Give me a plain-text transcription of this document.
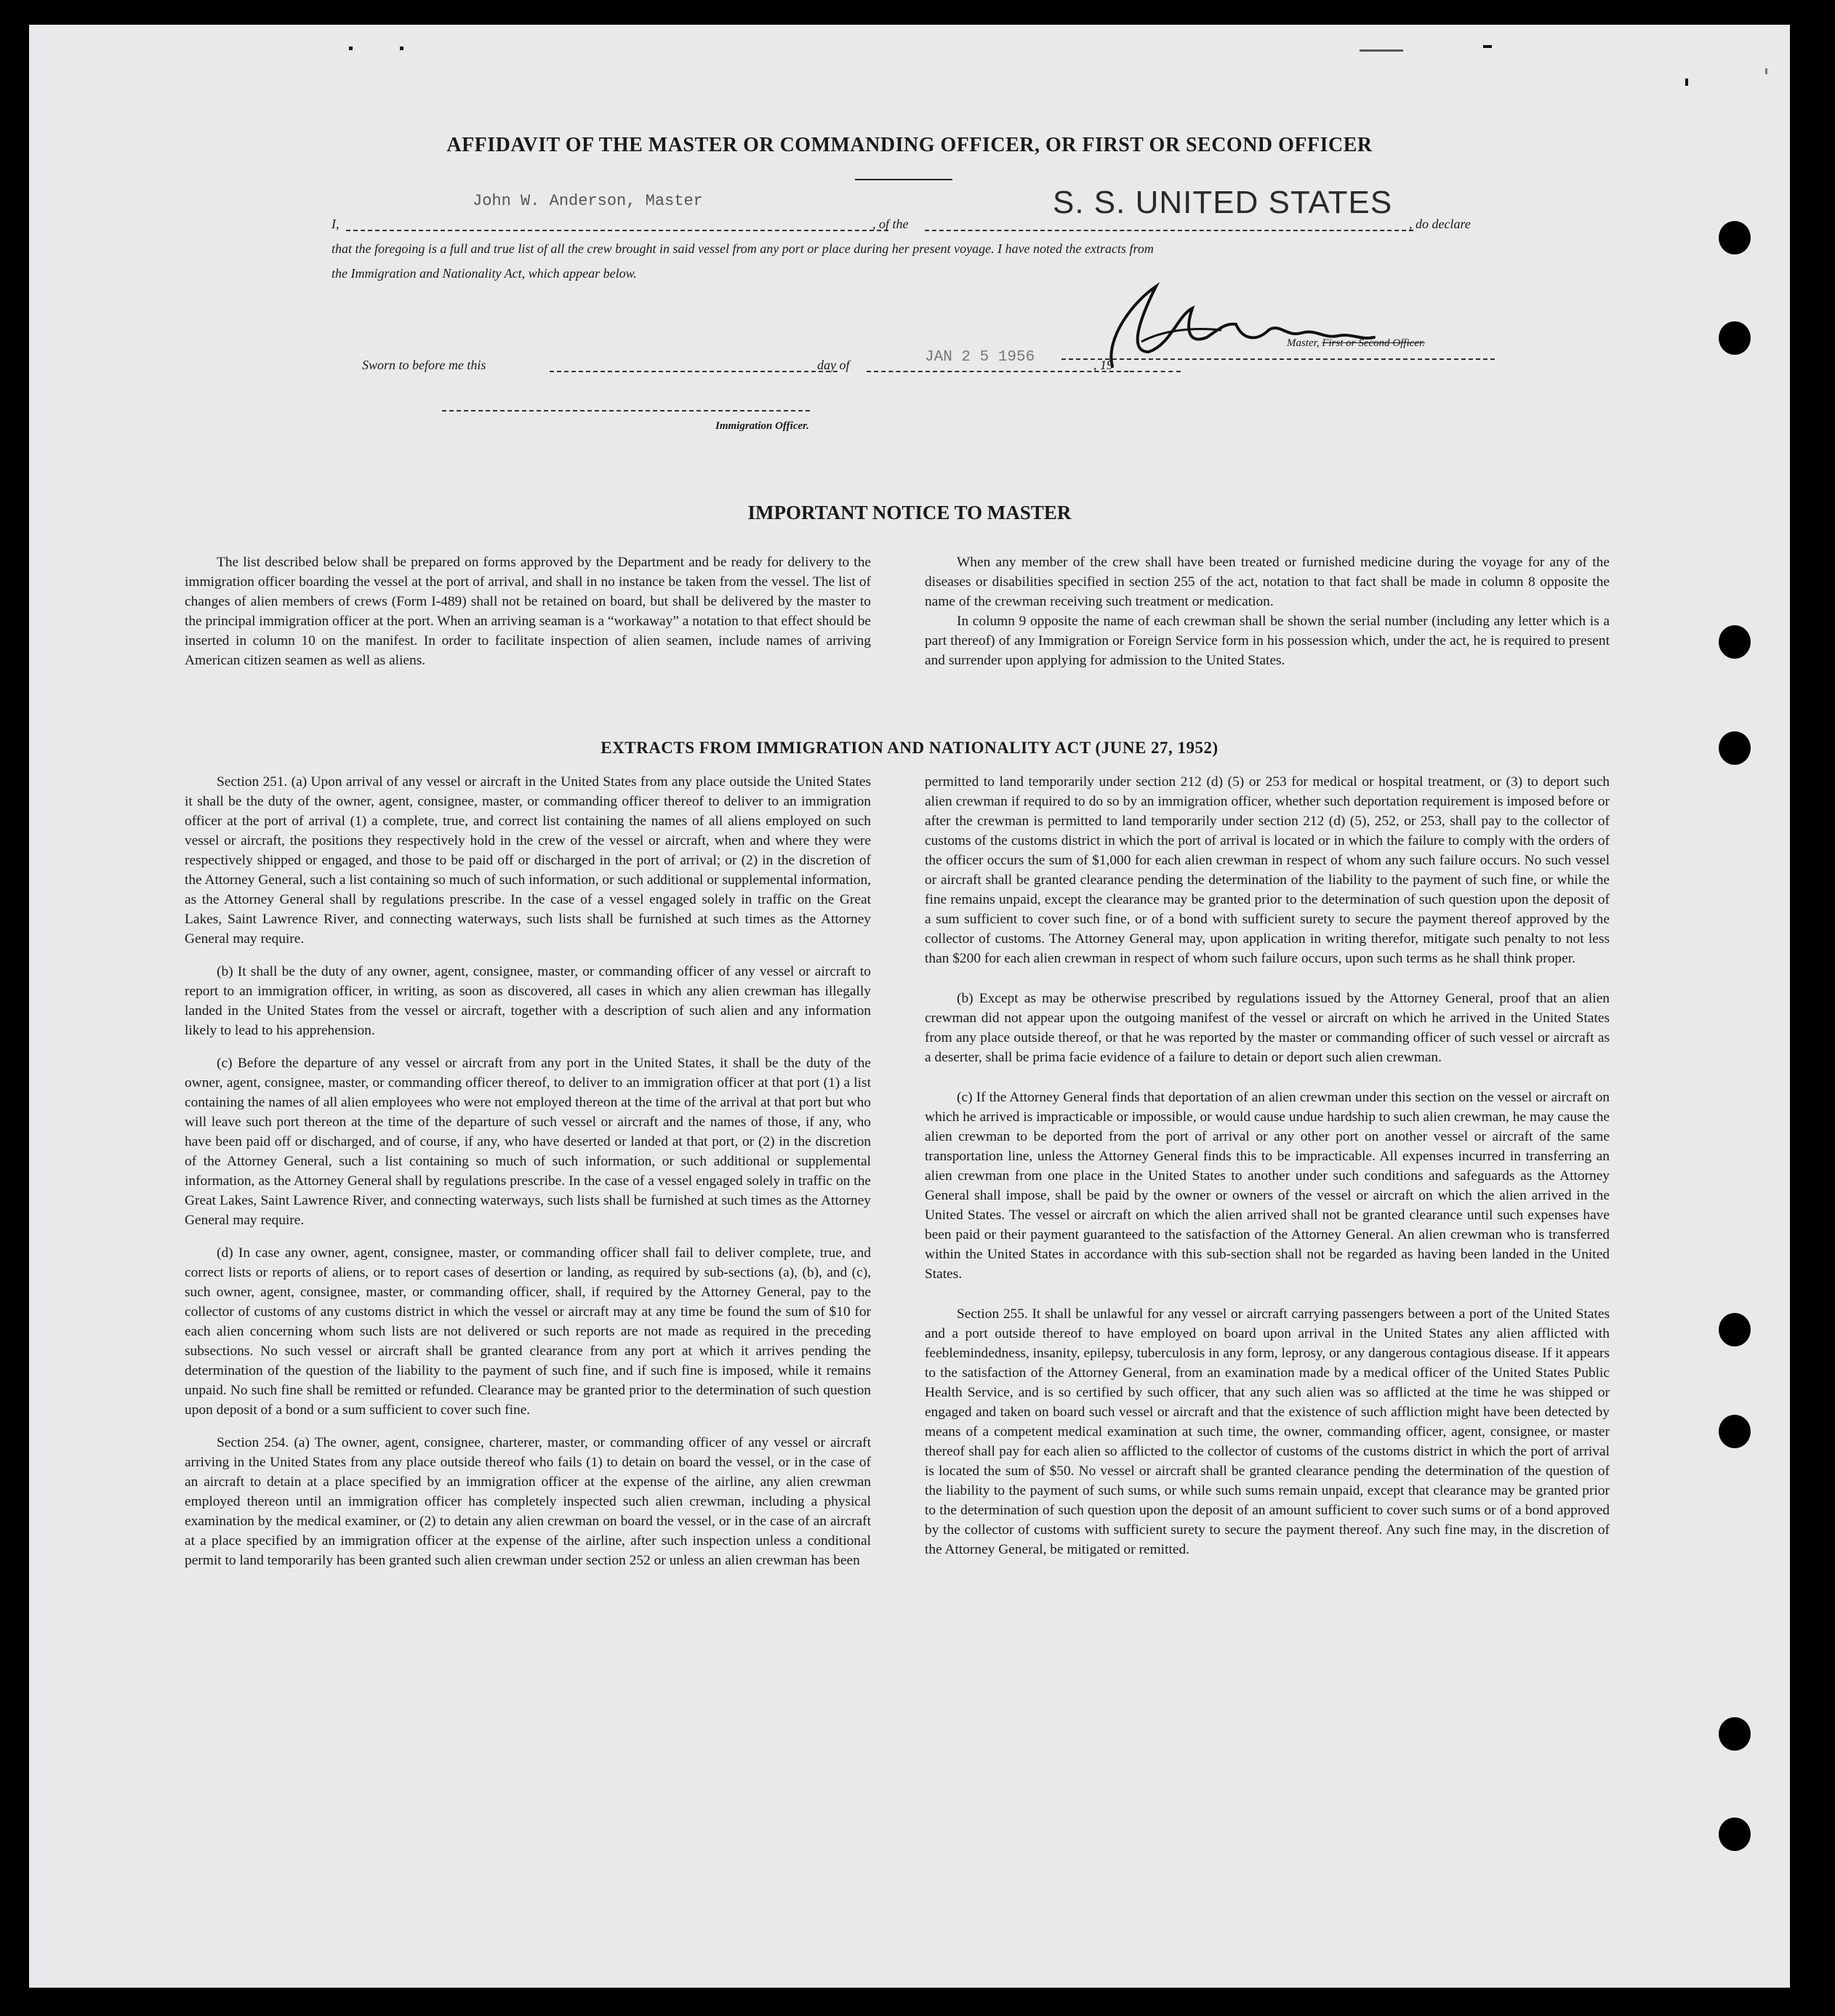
AFFIDAVIT OF THE MASTER OR COMMANDING OFFICER, OR FIRST OR SECOND OFFICER
I,
John W. Anderson, Master
, of the
S. S. UNITED STATES
, do declare
that the foregoing is a full and true list of all the crew brought in said vessel from any port or place during her present voyage. I have noted the extracts from
the Immigration and Nationality Act, which appear below.
Master, First or Second Officer.
Sworn to before me this	day of	JAN 2 5 1956	, 19
Immigration Officer.
IMPORTANT NOTICE TO MASTER

The list described below shall be prepared on forms approved by the Department and be ready for delivery to the immigration officer boarding the vessel at the port of arrival, and shall in no instance be taken from the vessel. The list of changes of alien members of crews (Form I-489) shall not be retained on board, but shall be delivered by the master to the principal immigration officer at the port. When an arriving seaman is a “workaway” a notation to that effect should be inserted in column 10 on the manifest. In order to facilitate inspection of alien seamen, include names of arriving American citizen seamen as well as aliens.

When any member of the crew shall have been treated or furnished medicine during the voyage for any of the diseases or disabilities specified in section 255 of the act, notation to that fact shall be made in column 8 opposite the name of the crewman receiving such treatment or medication.

In column 9 opposite the name of each crewman shall be shown the serial number (including any letter which is a part thereof) of any Immigration or Foreign Service form in his possession which, under the act, he is required to present and surrender upon applying for admission to the United States.

EXTRACTS FROM IMMIGRATION AND NATIONALITY ACT (JUNE 27, 1952)

Section 251. (a) Upon arrival of any vessel or aircraft in the United States from any place outside the United States it shall be the duty of the owner, agent, consignee, master, or commanding officer thereof to deliver to an immigration officer at the port of arrival (1) a complete, true, and correct list containing the names of all aliens employed on such vessel or aircraft, the positions they respectively hold in the crew of the vessel or aircraft, when and where they were respectively shipped or engaged, and those to be paid off or discharged in the port of arrival; or (2) in the discretion of the Attorney General, such a list containing so much of such information, or such additional or supplemental information, as the Attorney General shall by regulations prescribe. In the case of a vessel engaged solely in traffic on the Great Lakes, Saint Lawrence River, and connecting waterways, such lists shall be furnished at such times as the Attorney General may require.

(b) It shall be the duty of any owner, agent, consignee, master, or commanding officer of any vessel or aircraft to report to an immigration officer, in writing, as soon as discovered, all cases in which any alien crewman has illegally landed in the United States from the vessel or aircraft, together with a description of such alien and any information likely to lead to his apprehension.

(c) Before the departure of any vessel or aircraft from any port in the United States, it shall be the duty of the owner, agent, consignee, master, or commanding officer thereof, to deliver to an immigration officer at that port (1) a list containing the names of all alien employees who were not employed thereon at the time of the arrival at that port but who will leave such port thereon at the time of the departure of such vessel or aircraft and the names of those, if any, who have been paid off or discharged, and of course, if any, who have deserted or landed at that port, or (2) in the discretion of the Attorney General, such a list containing so much of such information, or such additional or supplemental information, as the Attorney General shall by regulations prescribe. In the case of a vessel engaged solely in traffic on the Great Lakes, Saint Lawrence River, and connecting waterways, such lists shall be furnished at such times as the Attorney General may require.

(d) In case any owner, agent, consignee, master, or commanding officer shall fail to deliver complete, true, and correct lists or reports of aliens, or to report cases of desertion or landing, as required by sub-sections (a), (b), and (c), such owner, agent, consignee, master, or commanding officer, shall, if required by the Attorney General, pay to the collector of customs of any customs district in which the vessel or aircraft may at any time be found the sum of $10 for each alien concerning whom such lists are not delivered or such reports are not made as required in the preceding subsections. No such vessel or aircraft shall be granted clearance from any port at which it arrives pending the determination of the question of the liability to the payment of such fine, and if such fine is imposed, while it remains unpaid. No such fine shall be remitted or refunded. Clearance may be granted prior to the determination of such question upon deposit of a bond or a sum sufficient to cover such fine.

Section 254. (a) The owner, agent, consignee, charterer, master, or commanding officer of any vessel or aircraft arriving in the United States from any place outside thereof who fails (1) to detain on board the vessel, or in the case of an aircraft to detain at a place specified by an immigration officer at the expense of the airline, any alien crewman employed thereon until an immigration officer has completely inspected such alien crewman, including a physical examination by the medical examiner, or (2) to detain any alien crewman on board the vessel, or in the case of an aircraft at a place specified by an immigration officer at the expense of the airline, after such inspection unless a conditional permit to land temporarily has been granted such alien crewman under section 252 or unless an alien crewman has been

permitted to land temporarily under section 212 (d) (5) or 253 for medical or hospital treatment, or (3) to deport such alien crewman if required to do so by an immigration officer, whether such deportation requirement is imposed before or after the crewman is permitted to land temporarily under section 212 (d) (5), 252, or 253, shall pay to the collector of customs of the customs district in which the port of arrival is located or in which the failure to comply with the orders of the officer occurs the sum of $1,000 for each alien crewman in respect of whom any such failure occurs. No such vessel or aircraft shall be granted clearance pending the determination of the liability to the payment of such fine, or while the fine remains unpaid, except the clearance may be granted prior to the determination of such question upon the deposit of a sum sufficient to cover such fine, or of a bond with sufficient surety to secure the payment thereof approved by the collector of customs. The Attorney General may, upon application in writing therefor, mitigate such penalty to not less than $200 for each alien crewman in respect of whom such failure occurs, upon such terms as he shall think proper.

(b) Except as may be otherwise prescribed by regulations issued by the Attorney General, proof that an alien crewman did not appear upon the outgoing manifest of the vessel or aircraft on which he arrived in the United States from any place outside thereof, or that he was reported by the master or commanding officer of such vessel or aircraft as a deserter, shall be prima facie evidence of a failure to detain or deport such alien crewman.

(c) If the Attorney General finds that deportation of an alien crewman under this section on the vessel or aircraft on which he arrived is impracticable or impossible, or would cause undue hardship to such alien crewman, he may cause the alien crewman to be deported from the port of arrival or any other port on another vessel or aircraft of the same transportation line, unless the Attorney General finds this to be impracticable. All expenses incurred in transferring an alien crewman from one place in the United States to another under such conditions and safeguards as the Attorney General shall impose, shall be paid by the owner or owners of the vessel or aircraft on which the alien arrived in the United States. The vessel or aircraft on which the alien arrived shall not be granted clearance until such expenses have been paid or their payment guaranteed to the satisfaction of the Attorney General. An alien crewman who is transferred within the United States in accordance with this sub-section shall not be regarded as having been landed in the United States.

Section 255. It shall be unlawful for any vessel or aircraft carrying passengers between a port of the United States and a port outside thereof to have employed on board upon arrival in the United States any alien afflicted with feeblemindedness, insanity, epilepsy, tuberculosis in any form, leprosy, or any dangerous contagious disease. If it appears to the satisfaction of the Attorney General, from an examination made by a medical officer of the United States Public Health Service, and is so certified by such officer, that any such alien was so afflicted at the time he was shipped or engaged and taken on board such vessel or aircraft and that the existence of such affliction might have been detected by means of a competent medical examination at such time, the owner, commanding officer, agent, consignee, or master thereof shall pay for each alien so afflicted to the collector of customs of the customs district in which the port of arrival is located the sum of $50. No vessel or aircraft shall be granted clearance pending the determination of the question of the liability to the payment of such sums, or while such sums remain unpaid, except that clearance may be granted prior to the determination of such question upon the deposit of an amount sufficient to cover such sums or of a bond approved by the collector of customs with sufficient surety to secure the payment thereof. Any such fine may, in the discretion of the Attorney General, be mitigated or remitted.
